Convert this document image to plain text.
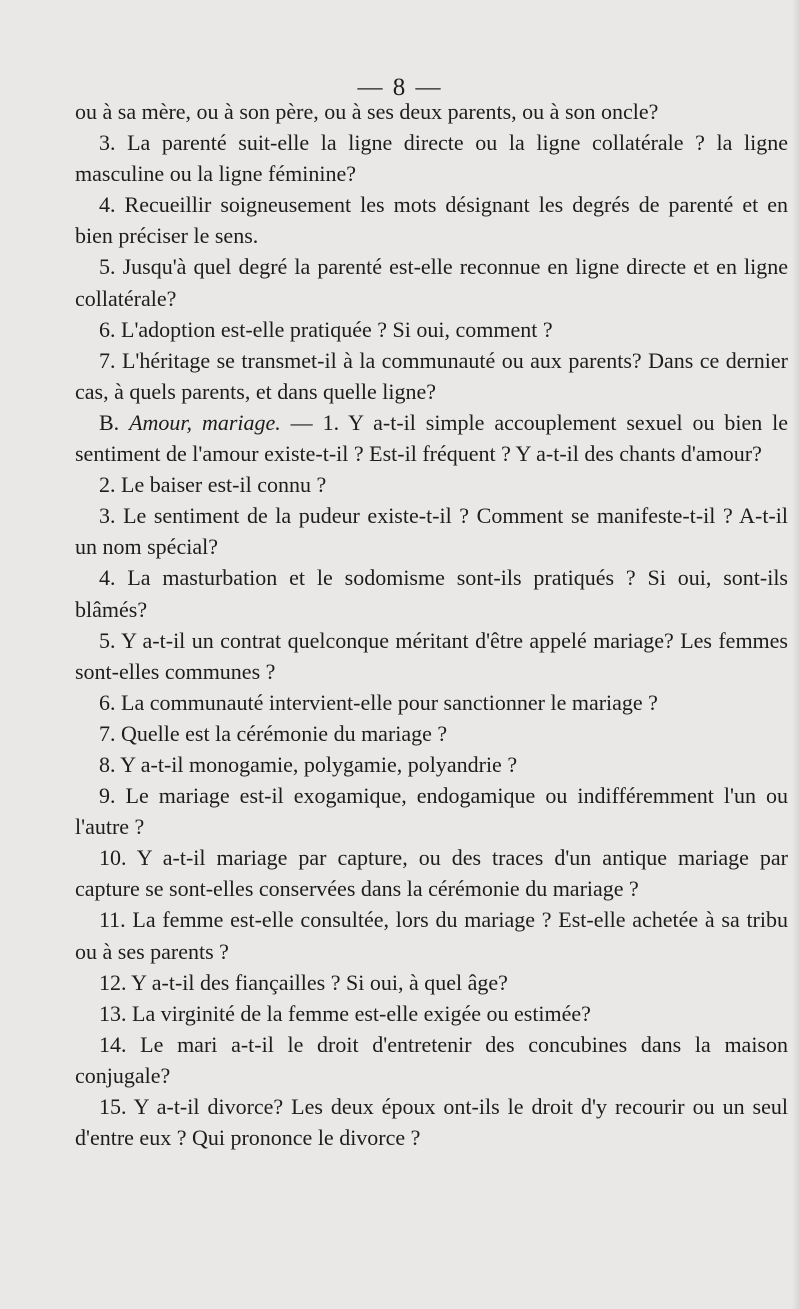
— 8 —

ou à sa mère, ou à son père, ou à ses deux parents, ou à son oncle?

3. La parenté suit-elle la ligne directe ou la ligne collatérale ? la ligne masculine ou la ligne féminine?

4. Recueillir soigneusement les mots désignant les degrés de parenté et en bien préciser le sens.

5. Jusqu'à quel degré la parenté est-elle reconnue en ligne directe et en ligne collatérale?

6. L'adoption est-elle pratiquée ? Si oui, comment ?

7. L'héritage se transmet-il à la communauté ou aux parents? Dans ce dernier cas, à quels parents, et dans quelle ligne?

B. Amour, mariage. — 1. Y a-t-il simple accouplement sexuel ou bien le sentiment de l'amour existe-t-il ? Est-il fréquent ? Y a-t-il des chants d'amour?

2. Le baiser est-il connu ?

3. Le sentiment de la pudeur existe-t-il ? Comment se manifeste-t-il ? A-t-il un nom spécial?

4. La masturbation et le sodomisme sont-ils pratiqués ? Si oui, sont-ils blâmés?

5. Y a-t-il un contrat quelconque méritant d'être appelé mariage? Les femmes sont-elles communes ?

6. La communauté intervient-elle pour sanctionner le mariage ?

7. Quelle est la cérémonie du mariage ?

8. Y a-t-il monogamie, polygamie, polyandrie ?

9. Le mariage est-il exogamique, endogamique ou indifféremment l'un ou l'autre ?

10. Y a-t-il mariage par capture, ou des traces d'un antique mariage par capture se sont-elles conservées dans la cérémonie du mariage ?

11. La femme est-elle consultée, lors du mariage ? Est-elle achetée à sa tribu ou à ses parents ?

12. Y a-t-il des fiançailles ? Si oui, à quel âge?

13. La virginité de la femme est-elle exigée ou estimée?

14. Le mari a-t-il le droit d'entretenir des concubines dans la maison conjugale?

15. Y a-t-il divorce? Les deux époux ont-ils le droit d'y recourir ou un seul d'entre eux ? Qui prononce le divorce ?
